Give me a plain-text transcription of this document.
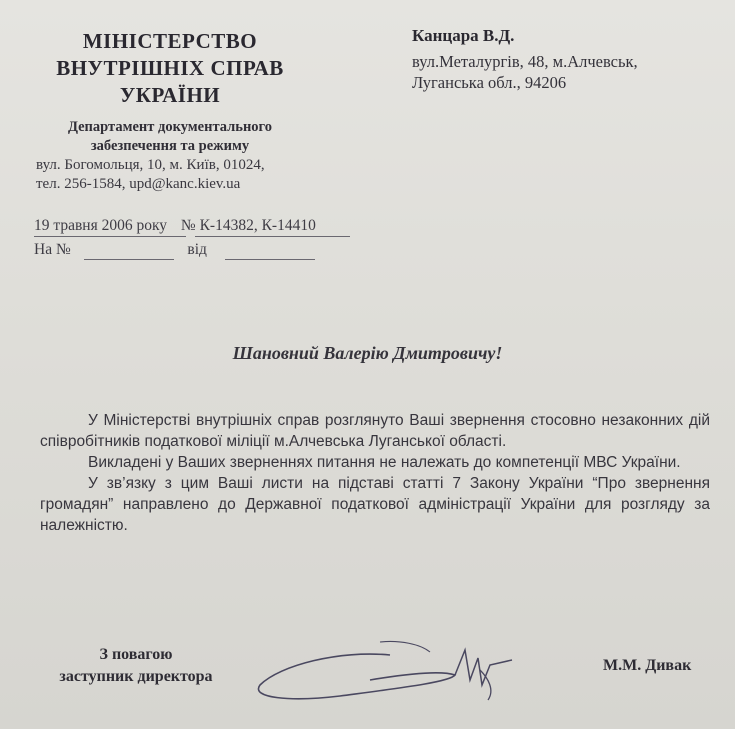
МІНІСТЕРСТВО
ВНУТРІШНІХ СПРАВ
УКРАЇНИ
Департамент документального
забезпечення та режиму
вул. Богомольця, 10, м. Київ, 01024,
тел. 256-1584, upd@kanc.kiev.ua
Канцара В.Д.
вул.Металургів, 48, м.Алчевськ,
Луганська обл., 94206
19 травня 2006 року № К-14382, К-14410
На №	від
Шановний Валерію Дмитровичу!

У Міністерстві внутрішніх справ розглянуто Ваші звернення стосовно незаконних дій співробітників податкової міліції м.Алчевська Луганської області.

Викладені у Ваших зверненнях питання не належать до компетенції МВС України.

У зв’язку з цим Ваші листи на підставі статті 7 Закону України “Про звернення громадян” направлено до Державної податкової адміністрації України для розгляду за належністю.

З повагою
заступник директора
М.М. Дивак
